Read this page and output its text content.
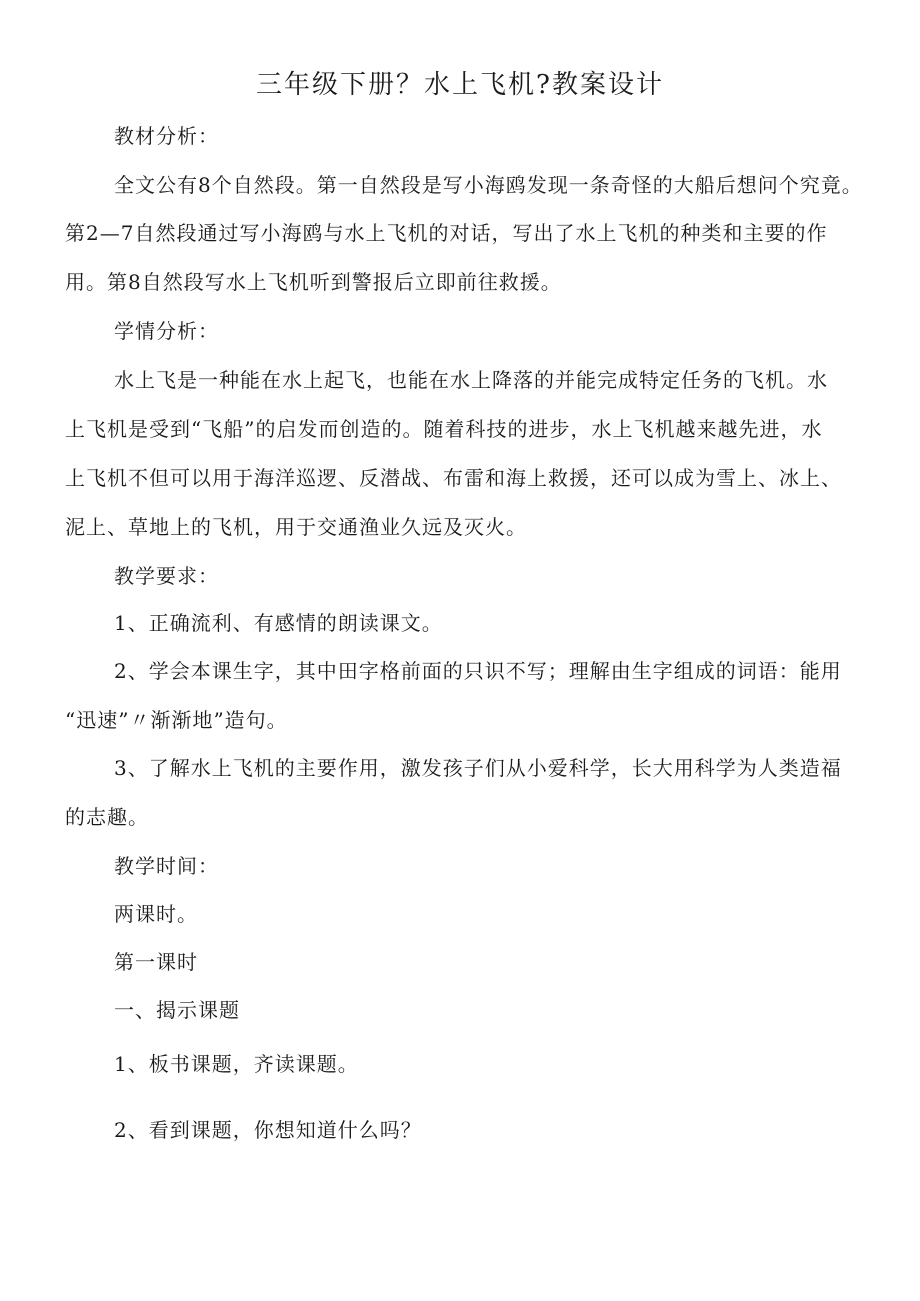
三年级下册？水上飞机?教案设计
教材分析：
全文公有8个自然段。第一自然段是写小海鸥发现一条奇怪的大船后想问个究竟。
第2—7自然段通过写小海鸥与水上飞机的对话，写出了水上飞机的种类和主要的作
用。第8自然段写水上飞机听到警报后立即前往救援。
学情分析：
水上飞是一种能在水上起飞，也能在水上降落的并能完成特定任务的飞机。水
上飞机是受到“飞船”的启发而创造的。随着科技的进步，水上飞机越来越先进，水
上飞机不但可以用于海洋巡逻、反潜战、布雷和海上救援，还可以成为雪上、冰上、
泥上、草地上的飞机，用于交通渔业久远及灭火。
教学要求：
1、正确流利、有感情的朗读课文。
2、学会本课生字，其中田字格前面的只识不写；理解由生字组成的词语：能用
“迅速”〃渐渐地”造句。
3、了解水上飞机的主要作用，激发孩子们从小爱科学，长大用科学为人类造福
的志趣。
教学时间：
两课时。
第一课时
一、揭示课题
1、板书课题，齐读课题。
2、看到课题，你想知道什么吗？
